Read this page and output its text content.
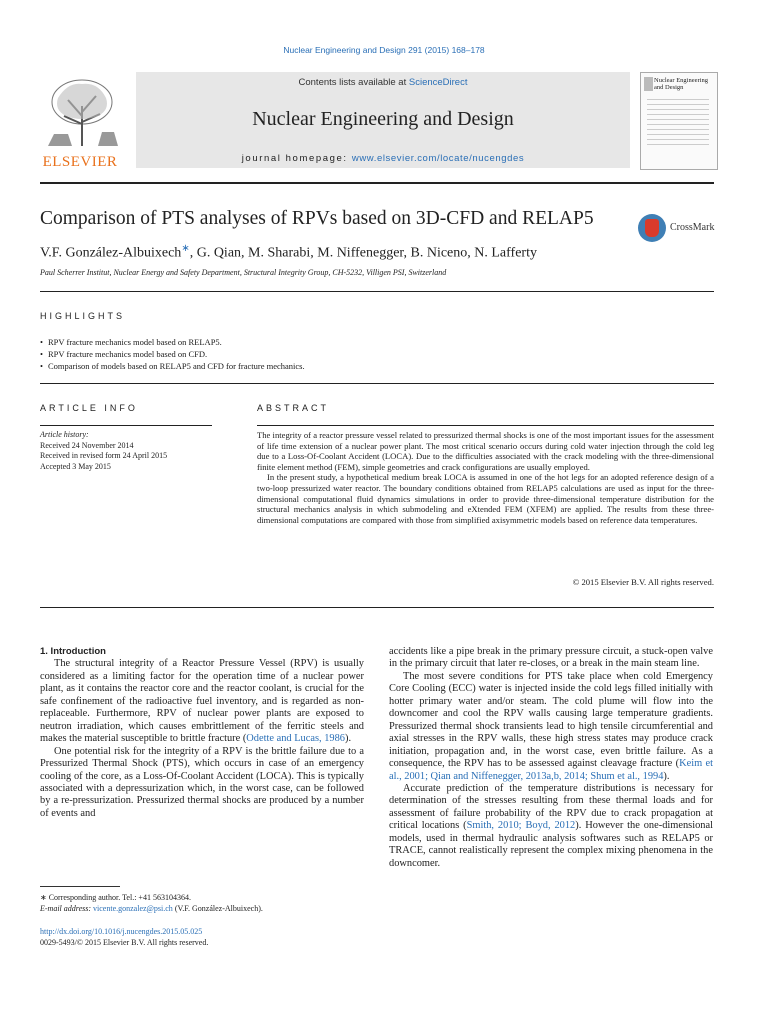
Nuclear Engineering and Design 291 (2015) 168–178
ELSEVIER
Contents lists available at ScienceDirect
Nuclear Engineering and Design
journal homepage: www.elsevier.com/locate/nucengdes
Nuclear Engineering and Design
Comparison of PTS analyses of RPVs based on 3D-CFD and RELAP5	CrossMark
V.F. González-Albuixech∗, G. Qian, M. Sharabi, M. Niffenegger, B. Niceno, N. Lafferty
Paul Scherrer Institut, Nuclear Energy and Safety Department, Structural Integrity Group, CH-5232, Villigen PSI, Switzerland
HIGHLIGHTS
• RPV fracture mechanics model based on RELAP5.
• RPV fracture mechanics model based on CFD.
• Comparison of models based on RELAP5 and CFD for fracture mechanics.
ARTICLE INFO
Article history:
Received 24 November 2014
Received in revised form 24 April 2015
Accepted 3 May 2015
ABSTRACT

The integrity of a reactor pressure vessel related to pressurized thermal shocks is one of the most important issues for the assessment of life time extension of a nuclear power plant. The most critical scenario occurs during cold water injection through the cold leg due to a Loss-Of-Coolant Accident (LOCA). Due to the difficulties associated with the crack modeling with the three-dimensional finite element method (FEM), simple geometries and crack configurations are usually employed.

In the present study, a hypothetical medium break LOCA is assumed in one of the hot legs for an adopted reference design of a two-loop pressurized water reactor. The boundary conditions obtained from RELAP5 calculations are used as input for the three-dimensional computational fluid dynamics simulations in order to provide three-dimensional temperature distribution for the structural mechanics analysis in which submodeling and eXtended FEM (XFEM) are applied. The results from these three-dimensional computations are compared with those from simplified axisymmetric models based on reference data temperatures.

© 2015 Elsevier B.V. All rights reserved.

1. Introduction

The structural integrity of a Reactor Pressure Vessel (RPV) is usually considered as a limiting factor for the operation time of a nuclear power plant, as it contains the reactor core and the reactor coolant, is crucial for the safe confinement of the radioactive fuel inventory, and is regarded as non-replaceable. Furthermore, RPV of nuclear power plants are exposed to neutron irradiation, which causes embrittlement of the ferritic steels and makes the material susceptible to brittle fracture (Odette and Lucas, 1986).

One potential risk for the integrity of a RPV is the brittle failure due to a Pressurized Thermal Shock (PTS), which occurs in case of an emergency cooling of the core, as a Loss-Of-Coolant Accident (LOCA). This is typically associated with a depressurization which, in the worst case, can be followed by a re-pressurization. Pressurized thermal shocks are produced by a number of events and

accidents like a pipe break in the primary pressure circuit, a stuck-open valve in the primary circuit that later re-closes, or a break in the main steam line.

The most severe conditions for PTS take place when cold Emergency Core Cooling (ECC) water is injected inside the cold legs filled initially with hotter primary water and/or steam. The cold plume will flow into the downcomer and cool the RPV walls causing large temperature gradients. Pressurized thermal shock transients lead to high tensile circumferential and axial stresses in the RPV walls, these high stress states may produce crack initiation, propagation and, in the worst case, even brittle failure. As a consequence, the RPV has to be assessed against cleavage fracture (Keim et al., 2001; Qian and Niffenegger, 2013a,b, 2014; Shum et al., 1994).

Accurate prediction of the temperature distributions is necessary for determination of the stresses resulting from these thermal loads and for assessment of failure probability of the RPV due to crack propagation at critical locations (Smith, 2010; Boyd, 2012). However the one-dimensional models, used in thermal hydraulic analysis softwares such as RELAP5 or TRACE, cannot realistically represent the complex mixing phenomena in the downcomer.

∗ Corresponding author. Tel.: +41 563104364.
E-mail address: vicente.gonzalez@psi.ch (V.F. González-Albuixech).
http://dx.doi.org/10.1016/j.nucengdes.2015.05.025
0029-5493/© 2015 Elsevier B.V. All rights reserved.
